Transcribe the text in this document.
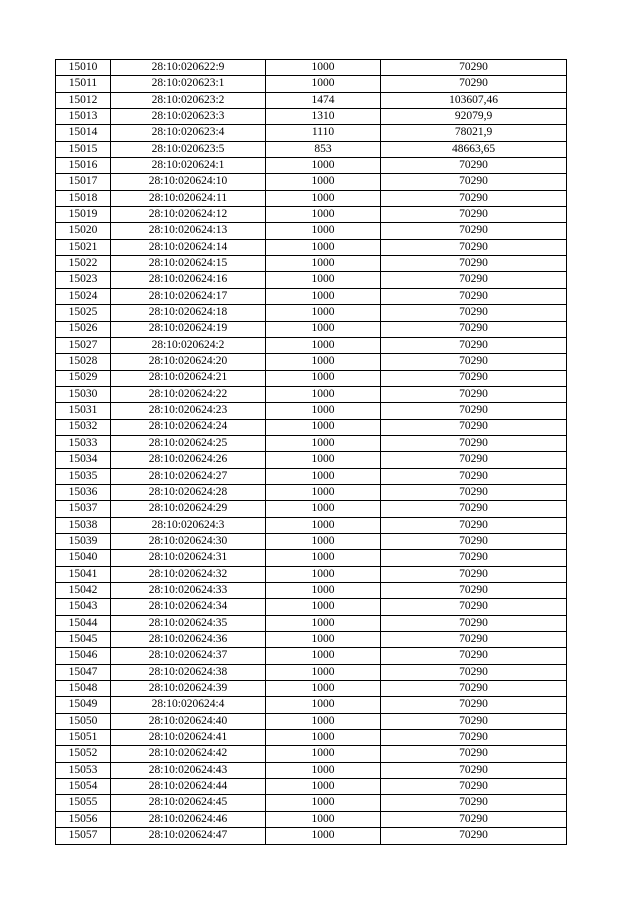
15010	28:10:020622:9	1000	70290
15011	28:10:020623:1	1000	70290
15012	28:10:020623:2	1474	103607,46
15013	28:10:020623:3	1310	92079,9
15014	28:10:020623:4	1110	78021,9
15015	28:10:020623:5	853	48663,65
15016	28:10:020624:1	1000	70290
15017	28:10:020624:10	1000	70290
15018	28:10:020624:11	1000	70290
15019	28:10:020624:12	1000	70290
15020	28:10:020624:13	1000	70290
15021	28:10:020624:14	1000	70290
15022	28:10:020624:15	1000	70290
15023	28:10:020624:16	1000	70290
15024	28:10:020624:17	1000	70290
15025	28:10:020624:18	1000	70290
15026	28:10:020624:19	1000	70290
15027	28:10:020624:2	1000	70290
15028	28:10:020624:20	1000	70290
15029	28:10:020624:21	1000	70290
15030	28:10:020624:22	1000	70290
15031	28:10:020624:23	1000	70290
15032	28:10:020624:24	1000	70290
15033	28:10:020624:25	1000	70290
15034	28:10:020624:26	1000	70290
15035	28:10:020624:27	1000	70290
15036	28:10:020624:28	1000	70290
15037	28:10:020624:29	1000	70290
15038	28:10:020624:3	1000	70290
15039	28:10:020624:30	1000	70290
15040	28:10:020624:31	1000	70290
15041	28:10:020624:32	1000	70290
15042	28:10:020624:33	1000	70290
15043	28:10:020624:34	1000	70290
15044	28:10:020624:35	1000	70290
15045	28:10:020624:36	1000	70290
15046	28:10:020624:37	1000	70290
15047	28:10:020624:38	1000	70290
15048	28:10:020624:39	1000	70290
15049	28:10:020624:4	1000	70290
15050	28:10:020624:40	1000	70290
15051	28:10:020624:41	1000	70290
15052	28:10:020624:42	1000	70290
15053	28:10:020624:43	1000	70290
15054	28:10:020624:44	1000	70290
15055	28:10:020624:45	1000	70290
15056	28:10:020624:46	1000	70290
15057	28:10:020624:47	1000	70290
